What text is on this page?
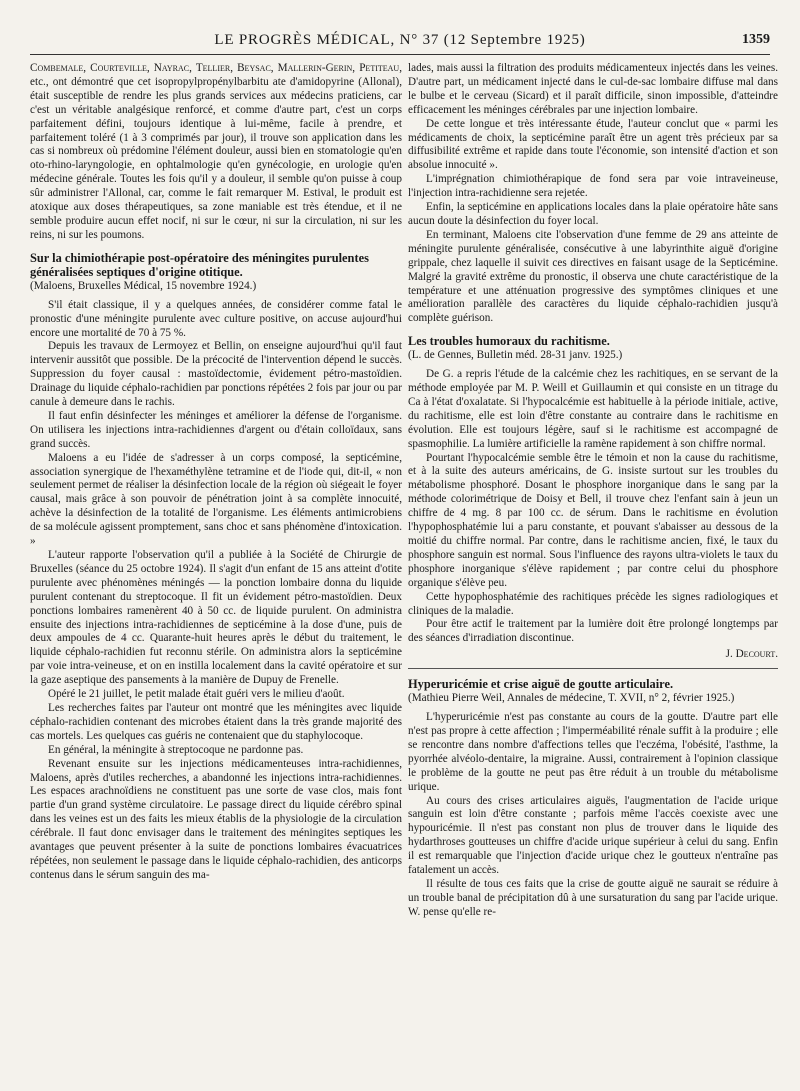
LE PROGRÈS MÉDICAL, N° 37 (12 Septembre 1925)	1359

Combemale, Courteville, Nayrac, Tellier, Beysac, Mallerin-Gerin, Petiteau, etc., ont démontré que cet isopropylpropénylbarbitu ate d'amidopyrine (Allonal), était susceptible de rendre les plus grands services aux médecins praticiens, car c'est un véritable analgésique renforcé, et comme d'autre part, c'est un corps parfaitement défini, toujours identique à lui-même, facile à prendre, et parfaitement toléré (1 à 3 comprimés par jour), il trouve son application dans les cas si nombreux où prédomine l'élément douleur, aussi bien en stomatologie qu'en oto-rhino-laryngologie, en ophtalmologie qu'en gynécologie, en urologie qu'en médecine générale. Toutes les fois qu'il y a douleur, il semble qu'on puisse à coup sûr administrer l'Allonal, car, comme le fait remarquer M. Estival, le produit est atoxique aux doses thérapeutiques, sa zone maniable est très étendue, et il ne semble produire aucun effet nocif, ni sur le cœur, ni sur la circulation, ni sur les reins, ni sur les poumons.

Sur la chimiothérapie post-opératoire des méningites purulentes généralisées septiques d'origine otitique.
(Maloens, Bruxelles Médical, 15 novembre 1924.)

S'il était classique, il y a quelques années, de considérer comme fatal le pronostic d'une méningite purulente avec culture positive, on accuse aujourd'hui encore une mortalité de 70 à 75 %.

Depuis les travaux de Lermoyez et Bellin, on enseigne aujourd'hui qu'il faut intervenir aussitôt que possible. De la précocité de l'intervention dépend le succès. Suppression du foyer causal : mastoïdectomie, évidement pétro-mastoïdien. Drainage du liquide céphalo-rachidien par ponctions répétées 2 fois par jour ou par canule à demeure dans le rachis.

Il faut enfin désinfecter les méninges et améliorer la défense de l'organisme. On utilisera les injections intra-rachidiennes d'argent ou d'étain colloïdaux, sans grand succès.

Maloens a eu l'idée de s'adresser à un corps composé, la septicémine, association synergique de l'hexaméthylène tetramine et de l'iode qui, dit-il, « non seulement permet de réaliser la désinfection locale de la région où siégeait le foyer causal, mais grâce à son pouvoir de pénétration joint à sa complète innocuité, achève la désinfection de la totalité de l'organisme. Les éléments antimicrobiens de sa molécule agissent promptement, sans choc et sans phénomène d'intoxication. »

L'auteur rapporte l'observation qu'il a publiée à la Société de Chirurgie de Bruxelles (séance du 25 octobre 1924). Il s'agit d'un enfant de 15 ans atteint d'otite purulente avec phénomènes méningés — la ponction lombaire donna du liquide purulent contenant du streptocoque. Il fit un évidement pétro-mastoïdien. Deux ponctions lombaires ramenèrent 40 à 50 cc. de liquide purulent. On administra ensuite des injections intra-rachidiennes de septicémine à la dose d'une, puis de deux ampoules de 4 cc. Quarante-huit heures après le début du traitement, le liquide céphalo-rachidien fut reconnu stérile. On administra alors la septicémine par voie intra-veineuse, et on en instilla localement dans la cavité opératoire et sur la gaze aseptique des pansements à la manière de Dupuy de Frenelle.

Opéré le 21 juillet, le petit malade était guéri vers le milieu d'août.

Les recherches faites par l'auteur ont montré que les méningites avec liquide céphalo-rachidien contenant des microbes étaient dans la très grande majorité des cas mortels. Les quelques cas guéris ne contenaient que du staphylocoque.

En général, la méningite à streptocoque ne pardonne pas.

Revenant ensuite sur les injections médicamenteuses intra-rachidiennes, Maloens, après d'utiles recherches, a abandonné les injections intra-rachidiennes. Les espaces arachnoïdiens ne constituent pas une sorte de vase clos, mais font partie d'un grand système circulatoire. Le passage direct du liquide cérébro spinal dans les veines est un des faits les mieux établis de la physiologie de la circulation cérébrale. Il faut donc envisager dans le traitement des méningites septiques les avantages que peuvent présenter à la suite de ponctions lombaires évacuatrices répétées, non seulement le passage dans le liquide céphalo-rachidien, des anticorps contenus dans le sérum sanguin des ma-

lades, mais aussi la filtration des produits médicamenteux injectés dans les veines. D'autre part, un médicament injecté dans le cul-de-sac lombaire diffuse mal dans le bulbe et le cerveau (Sicard) et il paraît difficile, sinon impossible, d'atteindre efficacement les méninges cérébrales par une injection lombaire.

De cette longue et très intéressante étude, l'auteur conclut que « parmi les médicaments de choix, la septicémine paraît être un agent très précieux par sa diffusibilité extrême et rapide dans toute l'économie, son intensité d'action et son absolue innocuité ».

L'imprégnation chimiothérapique de fond sera par voie intraveineuse, l'injection intra-rachidienne sera rejetée.

Enfin, la septicémine en applications locales dans la plaie opératoire hâte sans aucun doute la désinfection du foyer local.

En terminant, Maloens cite l'observation d'une femme de 29 ans atteinte de méningite purulente généralisée, consécutive à une labyrinthite aiguë d'origine grippale, chez laquelle il suivit ces directives en faisant usage de la Septicémine. Malgré la gravité extrême du pronostic, il observa une chute caractéristique de la température et une atténuation progressive des symptômes cliniques et une amélioration parallèle des caractères du liquide céphalo-rachidien jusqu'à complète guérison.

Les troubles humoraux du rachitisme.
(L. de Gennes, Bulletin méd. 28-31 janv. 1925.)

De G. a repris l'étude de la calcémie chez les rachitiques, en se servant de la méthode employée par M. P. Weill et Guillaumin et qui consiste en un titrage du Ca à l'état d'oxalatate. Si l'hypocalcémie est habituelle à la période initiale, active, du rachitisme, elle est loin d'être constante au contraire dans le rachitisme en évolution. Elle est toujours légère, sauf si le rachitisme est accompagné de spasmophilie. La lumière artificielle la ramène rapidement à son chiffre normal.

Pourtant l'hypocalcémie semble être le témoin et non la cause du rachitisme, et à la suite des auteurs américains, de G. insiste surtout sur les troubles du métabolisme phosphoré. Dosant le phosphore inorganique dans le sang par la méthode colorimétrique de Doisy et Bell, il trouve chez l'enfant sain à jeun un chiffre de 4 mg. 8 par 100 cc. de sérum. Dans le rachitisme en évolution l'hypophosphatémie lui a paru constante, et pouvant s'abaisser au dessous de la moitié du chiffre normal. Par contre, dans le rachitisme ancien, fixé, le taux du phosphore sanguin est normal. Sous l'influence des rayons ultra-violets le taux du phosphore inorganique s'élève rapidement ; par contre celui du phosphore organique s'élève peu.

Cette hypophosphatémie des rachitiques précède les signes radiologiques et cliniques de la maladie.

Pour être actif le traitement par la lumière doit être prolongé longtemps par des séances d'irradiation discontinue.

J. Decourt.
Hyperuricémie et crise aiguë de goutte articulaire.
(Mathieu Pierre Weil, Annales de médecine, T. XVII, n° 2, février 1925.)

L'hyperuricémie n'est pas constante au cours de la goutte. D'autre part elle n'est pas propre à cette affection ; l'imperméabilité rénale suffit à la produire ; elle se rencontre dans nombre d'affections telles que l'eczéma, l'obésité, l'asthme, la pyorrhée alvéolo-dentaire, la migraine. Aussi, contrairement à l'opinion classique le problème de la goutte ne peut pas être réduit à un trouble du métabolisme urique.

Au cours des crises articulaires aiguës, l'augmentation de l'acide urique sanguin est loin d'être constante ; parfois même l'accès coexiste avec une hypouricémie. Il n'est pas constant non plus de trouver dans le liquide des hydarthroses goutteuses un chiffre d'acide urique supérieur à celui du sang. Enfin il est remarquable que l'injection d'acide urique chez le goutteux n'entraîne pas fatalement un accès.

Il résulte de tous ces faits que la crise de goutte aiguë ne saurait se réduire à un trouble banal de précipitation dû à une sursaturation du sang par l'acide urique. W. pense qu'elle re-
